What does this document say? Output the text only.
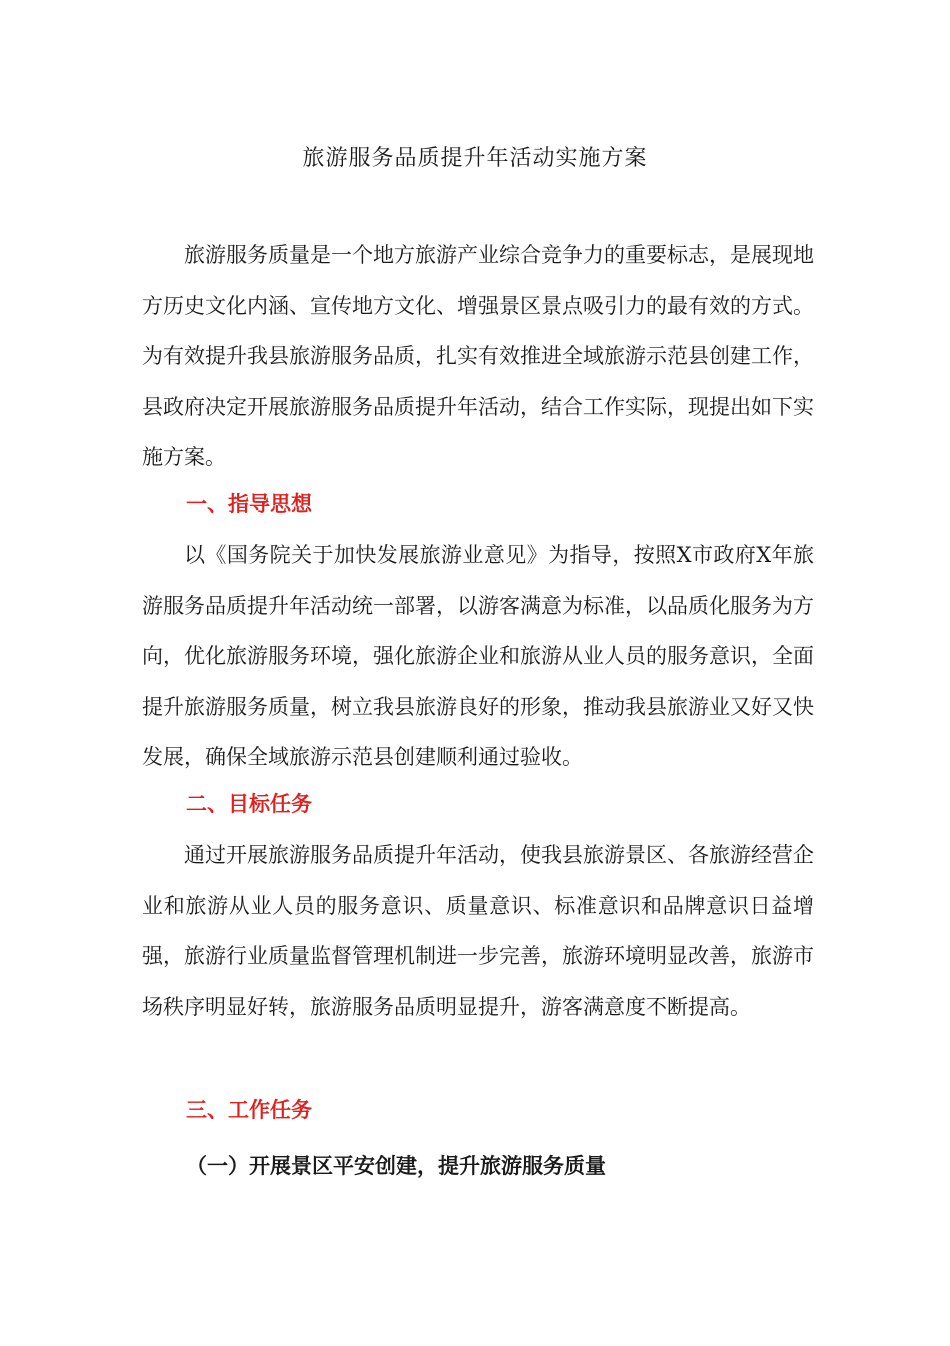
旅游服务品质提升年活动实施方案

旅游服务质量是一个地方旅游产业综合竞争力的重要标志，是展现地方历史文化内涵、宣传地方文化、增强景区景点吸引力的最有效的方式。为有效提升我县旅游服务品质，扎实有效推进全域旅游示范县创建工作，县政府决定开展旅游服务品质提升年活动，结合工作实际，现提出如下实施方案。

一、指导思想

以《国务院关于加快发展旅游业意见》为指导，按照X市政府X年旅游服务品质提升年活动统一部署，以游客满意为标准，以品质化服务为方向，优化旅游服务环境，强化旅游企业和旅游从业人员的服务意识，全面提升旅游服务质量，树立我县旅游良好的形象，推动我县旅游业又好又快发展，确保全域旅游示范县创建顺利通过验收。

二、目标任务

通过开展旅游服务品质提升年活动，使我县旅游景区、各旅游经营企业和旅游从业人员的服务意识、质量意识、标准意识和品牌意识日益增强，旅游行业质量监督管理机制进一步完善，旅游环境明显改善，旅游市场秩序明显好转，旅游服务品质明显提升，游客满意度不断提高。

三、工作任务
（一）开展景区平安创建，提升旅游服务质量
